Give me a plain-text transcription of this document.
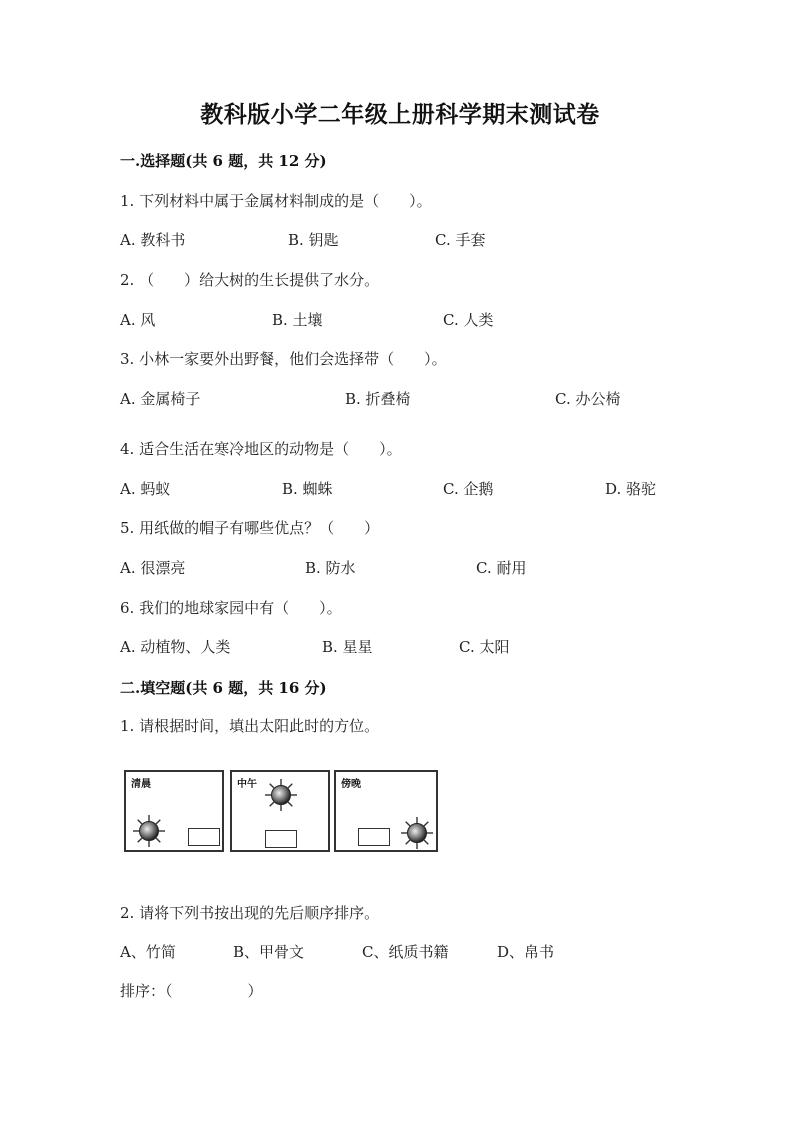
教科版小学二年级上册科学期末测试卷
一.选择题(共 6 题，共 12 分)
1. 下列材料中属于金属材料制成的是（　　）。
A. 教科书	B. 钥匙	C. 手套
2. （　　）给大树的生长提供了水分。
A. 风	B. 土壤	C. 人类
3. 小林一家要外出野餐，他们会选择带（　　）。
A. 金属椅子	B. 折叠椅	C. 办公椅
4. 适合生活在寒冷地区的动物是（　　）。
A. 蚂蚁	B. 蜘蛛	C. 企鹅	D. 骆驼
5. 用纸做的帽子有哪些优点？（　　）
A. 很漂亮	B. 防水	C. 耐用
6. 我们的地球家园中有（　　）。
A. 动植物、人类	B. 星星	C. 太阳
二.填空题(共 6 题，共 16 分)
1. 请根据时间，填出太阳此时的方位。
清晨	中午	傍晚
2. 请将下列书按出现的先后顺序排序。
A、竹简	B、甲骨文	C、纸质书籍	D、帛书
排序：（　　　　　）
